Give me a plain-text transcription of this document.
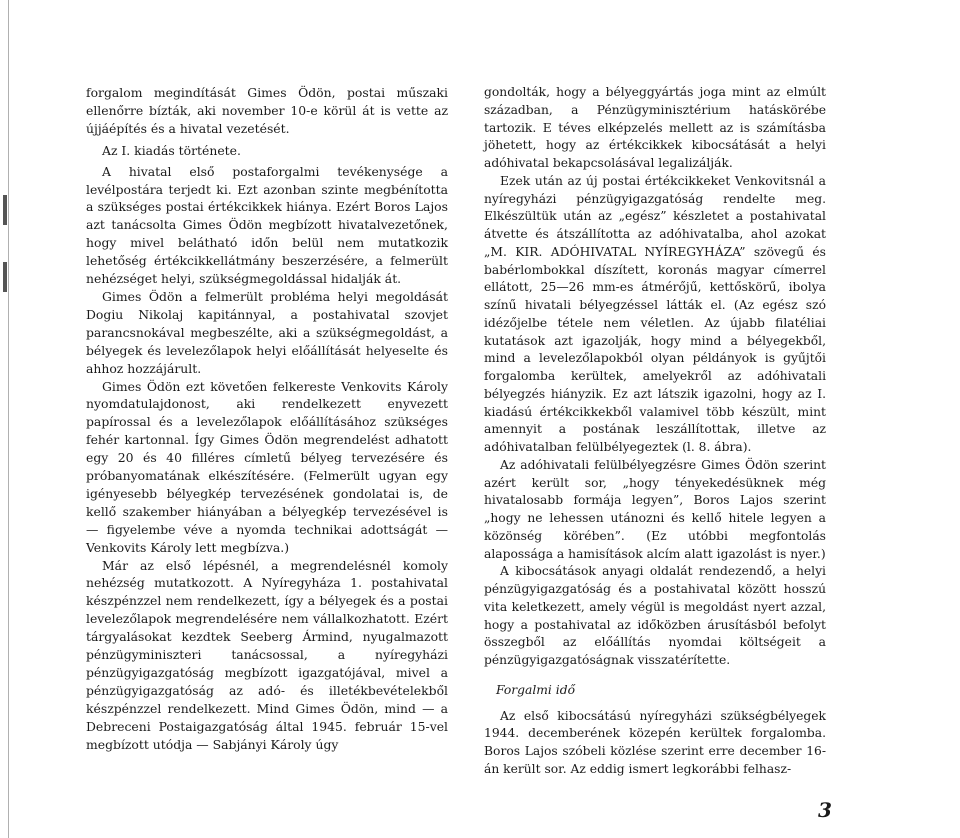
forgalom megindítását Gimes Ödön, postai műszaki ellenőrre bízták, aki november 10-e körül át is vette az újjáépítés és a hivatal vezetését.

Az I. kiadás története.

A hivatal első postaforgalmi tevékenysége a levélpostára terjedt ki. Ezt azonban szinte megbénította a szükséges postai értékcikkek hiánya. Ezért Boros Lajos azt tanácsolta Gimes Ödön megbízott hivatalvezetőnek, hogy mivel belátható időn belül nem mutatkozik lehetőség értékcikkellátmány beszerzésére, a felmerült nehézséget helyi, szükségmegoldással hidalják át.

Gimes Ödön a felmerült probléma helyi megoldását Dogiu Nikolaj kapitánnyal, a postahivatal szovjet parancsnokával megbeszélte, aki a szükségmegoldást, a bélyegek és levelezőlapok helyi előállítását helyeselte és ahhoz hozzájárult.

Gimes Ödön ezt követően felkereste Venkovits Károly nyomdatulajdonost, aki rendelkezett enyvezett papírossal és a levelezőlapok előállításához szükséges fehér kartonnal. Így Gimes Ödön megrendelést adhatott egy 20 és 40 filléres címletű bélyeg tervezésére és próbanyomatának elkészítésére. (Felmerült ugyan egy igényesebb bélyegkép tervezésének gondolatai is, de kellő szakember hiányában a bélyegkép tervezésével is — figyelembe véve a nyomda technikai adottságát — Venkovits Károly lett megbízva.)

Már az első lépésnél, a megrendelésnél komoly nehézség mutatkozott. A Nyíregyháza 1. postahivatal készpénzzel nem rendelkezett, így a bélyegek és a postai levelezőlapok megrendelésére nem vállalkozhatott. Ezért tárgyalásokat kezdtek Seeberg Ármind, nyugalmazott pénzügyminiszteri tanácsossal, a nyíregyházi pénzügyigazgatóság megbízott igazgatójával, mivel a pénzügyigazgatóság az adó- és illetékbevételekből készpénzzel rendelkezett. Mind Gimes Ödön, mind — a Debreceni Postaigazgatóság által 1945. február 15-vel megbízott utódja — Sabjányi Károly úgy

gondolták, hogy a bélyeggyártás joga mint az elmúlt században, a Pénzügyminisztérium hatáskörébe tartozik. E téves elképzelés mellett az is számításba jöhetett, hogy az értékcikkek kibocsátását a helyi adóhivatal bekapcsolásával legalizálják.

Ezek után az új postai értékcikkeket Venkovitsnál a nyíregyházi pénzügyigazgatóság rendelte meg. Elkészültük után az „egész” készletet a postahivatal átvette és átszállította az adóhivatalba, ahol azokat „M. KIR. ADÓHIVATAL NYÍREGYHÁZA” szövegű és babérlombokkal díszített, koronás magyar címerrel ellátott, 25—26 mm-es átmérőjű, kettőskörű, ibolya színű hivatali bélyegzéssel látták el. (Az egész szó idézőjelbe tétele nem véletlen. Az újabb filatéliai kutatások azt igazolják, hogy mind a bélyegekből, mind a levelezőlapokból olyan példányok is gyűjtői forgalomba kerültek, amelyekről az adóhivatali bélyegzés hiányzik. Ez azt látszik igazolni, hogy az I. kiadású értékcikkekből valamivel több készült, mint amennyit a postának leszállítottak, illetve az adóhivatalban felülbélyegeztek (l. 8. ábra).

Az adóhivatali felülbélyegzésre Gimes Ödön szerint azért került sor, „hogy tényekedésüknek még hivatalosabb formája legyen”, Boros Lajos szerint „hogy ne lehessen utánozni és kellő hitele legyen a közönség körében”. (Ez utóbbi megfontolás alapossága a hamisítások alcím alatt igazolást is nyer.)

A kibocsátások anyagi oldalát rendezendő, a helyi pénzügyigazgatóság és a postahivatal között hosszú vita keletkezett, amely végül is megoldást nyert azzal, hogy a postahivatal az időközben árusításból befolyt összegből az előállítás nyomdai költségeit a pénzügyigazgatóságnak visszatérítette.

Forgalmi idő

Az első kibocsátású nyíregyházi szükségbélyegek 1944. decemberének közepén kerültek forgalomba. Boros Lajos szóbeli közlése szerint erre december 16-án került sor. Az eddig ismert legkorábbi felhasz-

3
